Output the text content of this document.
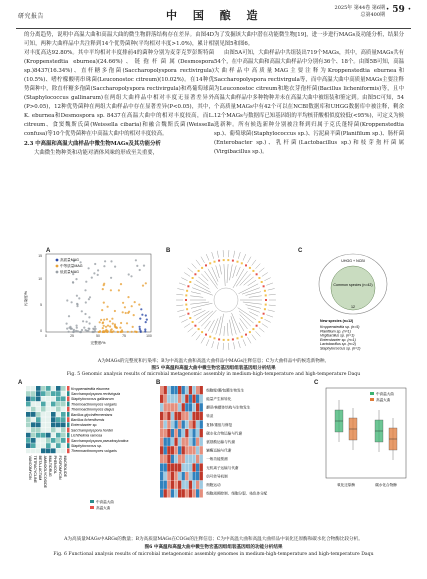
研究报告	中 国 酿 造
2025年 第44卷 第6期
总第400期 · 59 ·

的分离趋势，说明中高温大曲和高温大曲的微生物群落结构存在差异。由图4D可知，两种大曲样品中共注释到14个优势菌种(平均相对丰度>1.0%)，累计相对丰度高达92.80%。其中平均相对丰度排前4的菌种分别为麦芽克罗彭斯特菌(Kroppenstedtia eburnea)(24.66%)、链孢杆菌属(Desmospora sp.)8437(16.34%)、直杆糖多孢菌(Saccharopolyspora rectivirgula)(10.5%)、嗜柠檬酸明串珠菌(Leuconostoc citreum)(10.02%)。在14种优势菌种中，除直杆糖多孢菌(Saccharopolyspora rectivirgula)和鸡葡萄球菌(Staphylococcus gallinarum)在两组大曲样品中相对丰度无显著差异外(P>0.05)，12种优势菌种在两组大曲样品中存在显著差异(P<0.05)，其中，K. eburnea和Desmospora sp. 8437在高温大曲中的相对丰度较高，而L. citreum、食窦魏斯氏菌(Weissella cibaria)和融合魏斯氏菌(Weissella confusa)等10个优势菌种在中高温大曲中的相对丰度较高。

2.3 中高温和高温大曲样品中微生物MAGs及其功能分析

大曲微生物种类和功能对酒体风味的形成至关重要，

为了发掘该大曲中潜在功能微生物[19]，进一步进行MAGs及功能分析，结果分别见图5和图6。

由图5A可知，大曲样品中共组装出719个MAGs，其中，高质量MAGs共有54个，在中高温大曲和高温大曲样品中分别有36个、18个。由图5B可知，高温大曲样品中高质量MAG主要注释为Kroppenstedtia eburnea和Saccharopolyspora rectivirgula等，而中高温大曲中高质量MAGs主要注释为Leuconostoc citreum和地衣芽孢杆菌(Bacillus licheniformis)等，且中高温大曲样品中多种物种并未在高温大曲中被组装和鉴定到。由图5C可知，54个高质量MAGs中有42个可以在NCBI数据库和UHGG数据库中被注释，剩余12个MAGs与数据库已知基因组的平均核苷酸相似度较低(<95%)，可定义为候选新种。所有候选新种分别被注释到归属于克氏蓬特菌(Kroppenstedtia sp.)、葡萄球菌(Staphylococcus sp.)、污泥扁平菌(Planifilum sp.)、肠杆菌(Enterobacter sp.)、乳杆菌(Lactobacillus sp.)和枝芽孢杆菌属(Virgibacillus sp.)。

A
污染度/%
0
5
10
15
0	25	50	75	100
完整度/%
高质量MAG
中等质量MAG
低质量MAG
B	C
UHGG + NCBI
Common species (n=42)
12
New species (n=12)
Kroppenstedtia sp. (n=5)
Planifilum sp. (n=1)
Virgibacillus sp. (n=1)
Enterobacter sp. (n=1)
Lactobacillus sp. (n=2)
Staphylococcus sp. (n=2)
A为MAGs的完整度和污染率；B为中高温大曲和高温大曲样品中MAGs注释信息；C为大曲样品中的候选新物种。
图5 中高温和高温大曲中微生物宏基因组组装基因组分析结果
Fig. 5 Genomic analysis results of microbial metagenomic assembly in medium-high-temperature and high-temperature Daqu
A
Kroppenstedtia eburnea
Saccharopolyspora rectivirgula
Staphylococcus gallinarum
Thermoactinomyces vulgaris
Thermoactinomyces daqus
Bacillus glycinifermentans
Bacillus licheniformis
Enterobacter sp.
Saccharopolyspora hordei
Lichtheimia ramosa
Saccharopolyspora pseudosylvatica
Staphylococcus sp.
Thermoactinomyces vulgaris
VANCOMYCIN TETRACYCLINE BETA-LACTAM AMINOGLYCOSIDE MULTIDRUG PHENICOL FOSFOMYCIN MACROLIDE
中高温大曲
高温大曲
B
细胞壁/膜/包膜生物发生
能量产生和转化
翻译/核糖体结构与生物发生
转录
复制/重组与修复
碳水化合物运输与代谢
氨基酸运输与代谢
辅酶运输与代谢
一般功能预测
无机离子运输与代谢
信号转导机制
细胞运动
细胞周期控制、细胞分裂、染色体分配
C
中高温大曲
高温大曲
氧化还原酶	碳水化合物酶
A为高质量MAGs中ARGs的数量；B为高质量MAGs在COGs的注释信息；C为中高温大曲和高温大曲样品中氧化还原酶和碳水化合物酶比较分析。
图6 中高温和高温大曲中微生物宏基因组组装基因组的功能分析结果
Fig. 6 Functional analysis results of microbial metagenomic assembly genomes in medium-high-temperature and high-temperature Daqu
